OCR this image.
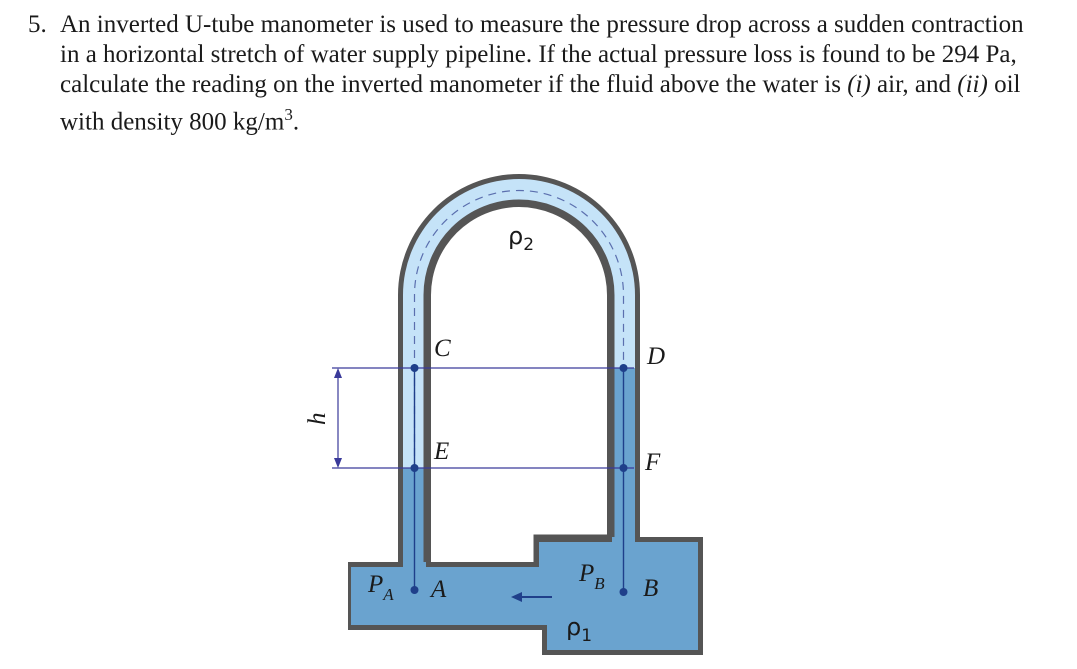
5. An inverted U-tube manometer is used to measure the pressure drop across a sudden contraction in a horizontal stretch of water supply pipeline. If the actual pressure loss is found to be 294 Pa, calculate the reading on the inverted manometer if the fluid above the water is (i) air, and (ii) oil with density 800 $kg/m^3$.

$\rho_2$
$\rho_1$
C	D
E	F
h
$P_A$ A
$P_B$ B
